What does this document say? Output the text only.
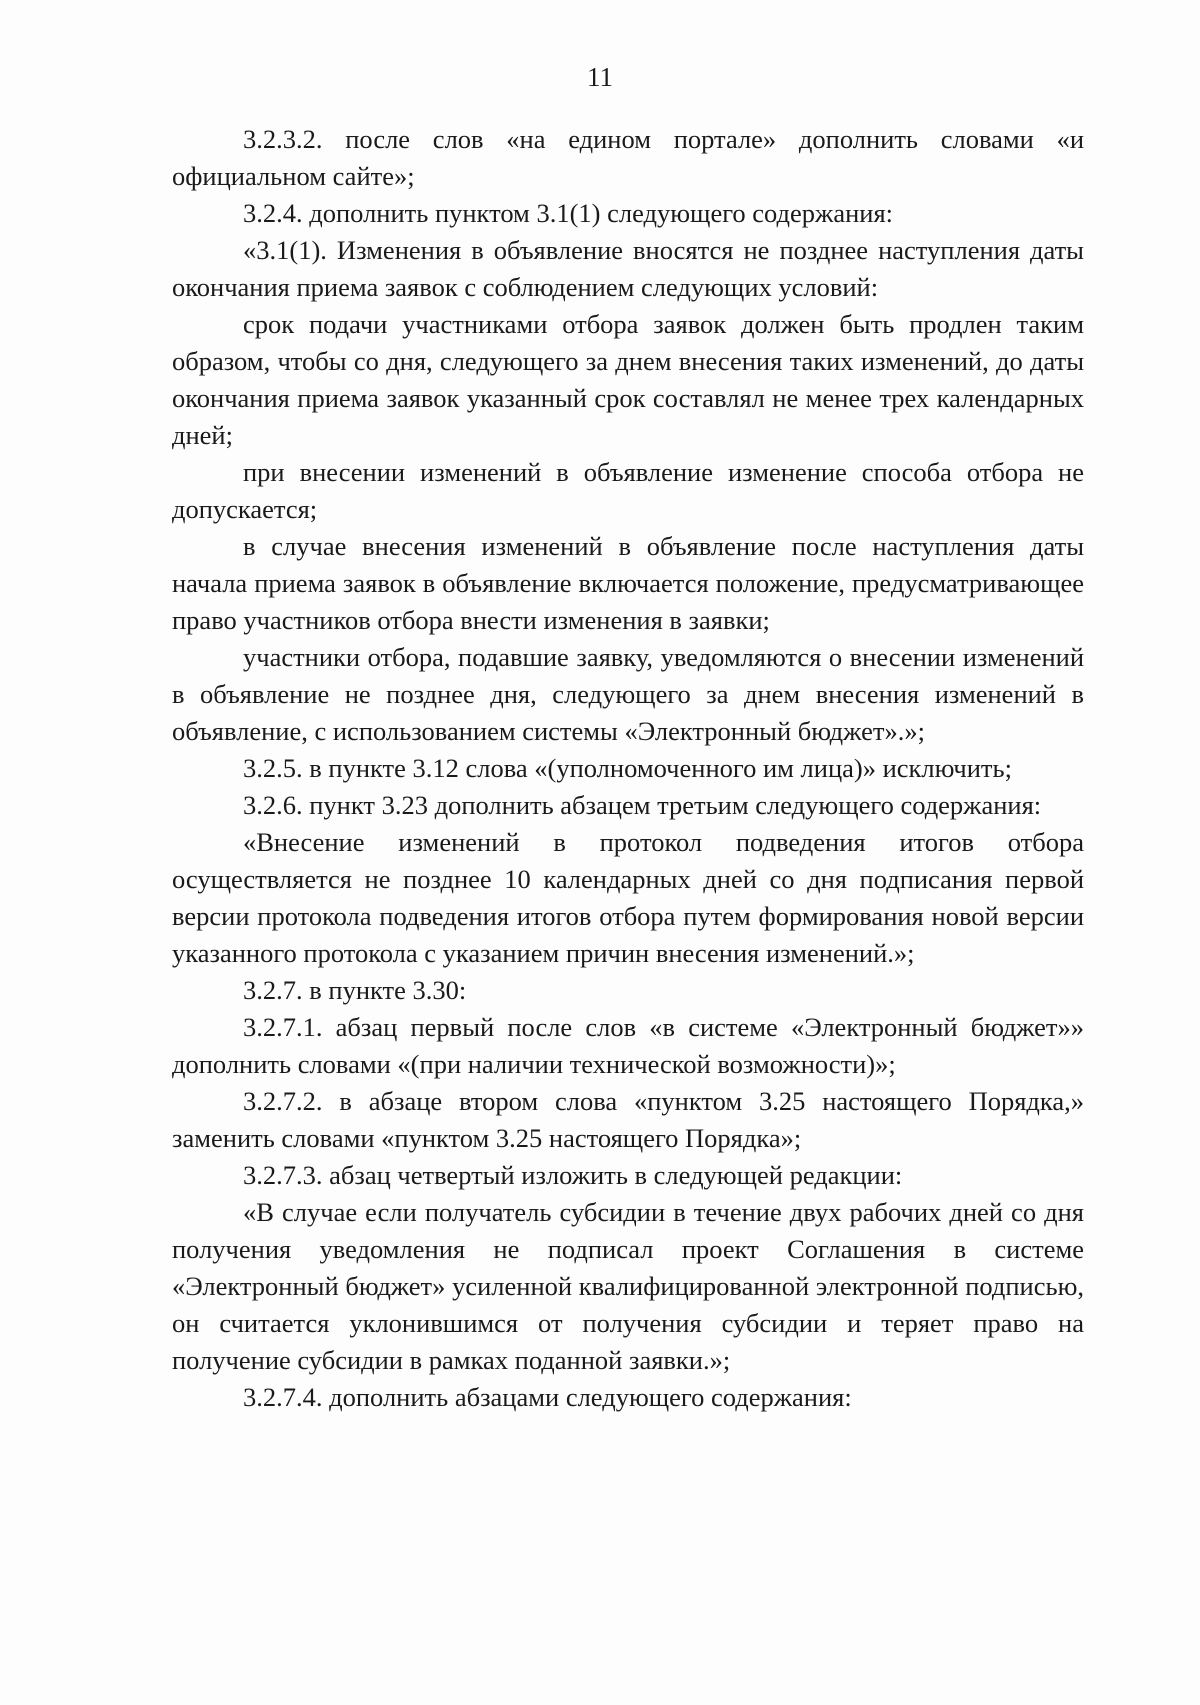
11

3.2.3.2. после слов «на едином портале» дополнить словами «и официальном сайте»;

3.2.4. дополнить пунктом 3.1(1) следующего содержания:

«3.1(1). Изменения в объявление вносятся не позднее наступления даты окончания приема заявок с соблюдением следующих условий:

срок подачи участниками отбора заявок должен быть продлен таким образом, чтобы со дня, следующего за днем внесения таких изменений, до даты окончания приема заявок указанный срок составлял не менее трех календарных дней;

при внесении изменений в объявление изменение способа отбора не допускается;

в случае внесения изменений в объявление после наступления даты начала приема заявок в объявление включается положение, предусматривающее право участников отбора внести изменения в заявки;

участники отбора, подавшие заявку, уведомляются о внесении изменений в объявление не позднее дня, следующего за днем внесения изменений в объявление, с использованием системы «Электронный бюджет».»;

3.2.5. в пункте 3.12 слова «(уполномоченного им лица)» исключить;

3.2.6. пункт 3.23 дополнить абзацем третьим следующего содержания:

«Внесение изменений в протокол подведения итогов отбора осуществляется не позднее 10 календарных дней со дня подписания первой версии протокола подведения итогов отбора путем формирования новой версии указанного протокола с указанием причин внесения изменений.»;

3.2.7. в пункте 3.30:

3.2.7.1. абзац первый после слов «в системе «Электронный бюджет»» дополнить словами «(при наличии технической возможности)»;

3.2.7.2. в абзаце втором слова «пунктом 3.25 настоящего Порядка,» заменить словами «пунктом 3.25 настоящего Порядка»;

3.2.7.3. абзац четвертый изложить в следующей редакции:

«В случае если получатель субсидии в течение двух рабочих дней со дня получения уведомления не подписал проект Соглашения в системе «Электронный бюджет» усиленной квалифицированной электронной подписью, он считается уклонившимся от получения субсидии и теряет право на получение субсидии в рамках поданной заявки.»;

3.2.7.4. дополнить абзацами следующего содержания:
